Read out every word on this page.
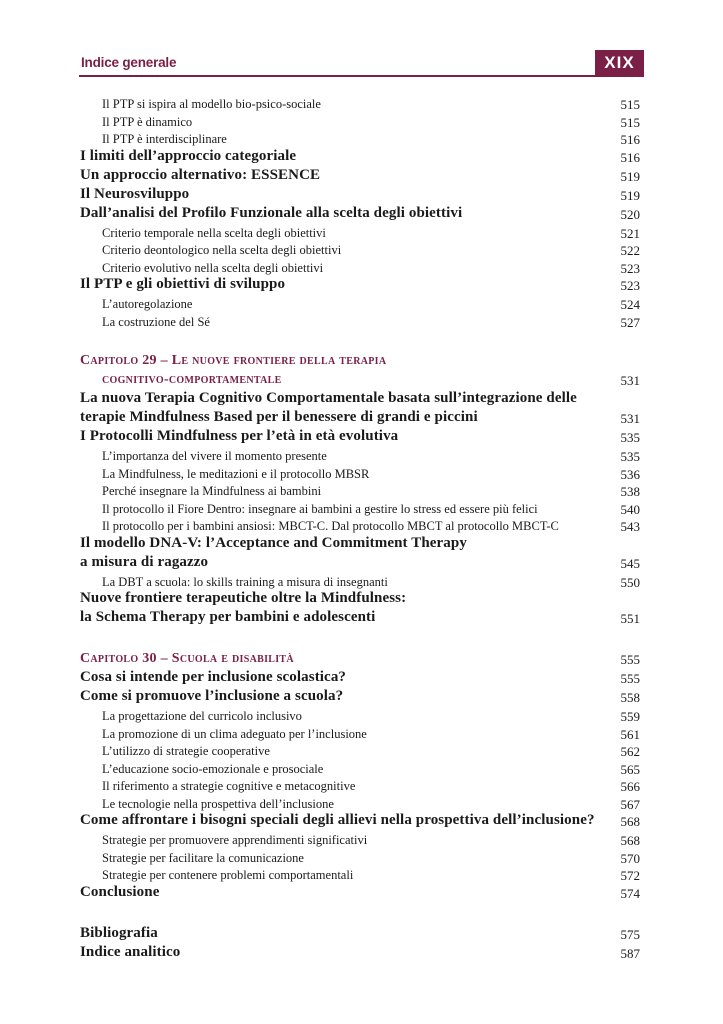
Indice generale	XIX
Il PTP si ispira al modello bio-psico-sociale	515
Il PTP è dinamico	515
Il PTP è interdisciplinare	516
I limiti dell’approccio categoriale	516
Un approccio alternativo: ESSENCE	519
Il Neurosviluppo	519
Dall’analisi del Profilo Funzionale alla scelta degli obiettivi	520
Criterio temporale nella scelta degli obiettivi	521
Criterio deontologico nella scelta degli obiettivi	522
Criterio evolutivo nella scelta degli obiettivi	523
Il PTP e gli obiettivi di sviluppo	523
L’autoregolazione	524
La costruzione del Sé	527
Capitolo 29 – Le nuove frontiere della terapia
cognitivo-comportamentale	531
La nuova Terapia Cognitivo Comportamentale basata sull’integrazione delle
terapie Mindfulness Based per il benessere di grandi e piccini	531
I Protocolli Mindfulness per l’età in età evolutiva	535
L’importanza del vivere il momento presente	535
La Mindfulness, le meditazioni e il protocollo MBSR	536
Perché insegnare la Mindfulness ai bambini	538
Il protocollo il Fiore Dentro: insegnare ai bambini a gestire lo stress ed essere più felici	540
Il protocollo per i bambini ansiosi: MBCT-C. Dal protocollo MBCT al protocollo MBCT-C	543
Il modello DNA-V: l’Acceptance and Commitment Therapy
a misura di ragazzo	545
La DBT a scuola: lo skills training a misura di insegnanti	550
Nuove frontiere terapeutiche oltre la Mindfulness:
la Schema Therapy per bambini e adolescenti	551
Capitolo 30 – Scuola e disabilità	555
Cosa si intende per inclusione scolastica?	555
Come si promuove l’inclusione a scuola?	558
La progettazione del curricolo inclusivo	559
La promozione di un clima adeguato per l’inclusione	561
L’utilizzo di strategie cooperative	562
L’educazione socio-emozionale e prosociale	565
Il riferimento a strategie cognitive e metacognitive	566
Le tecnologie nella prospettiva dell’inclusione	567
Come affrontare i bisogni speciali degli allievi nella prospettiva dell’inclusione? 568
Strategie per promuovere apprendimenti significativi	568
Strategie per facilitare la comunicazione	570
Strategie per contenere problemi comportamentali	572
Conclusione	574
Bibliografia	575
Indice analitico	587
